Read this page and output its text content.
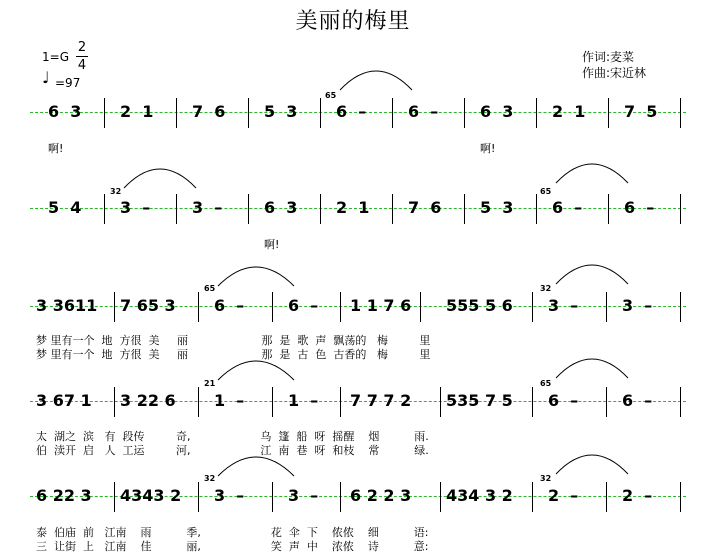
美丽的梅里
1=G
2
4
♩ =97
作词:麦菜
作曲:宋近林
6  3 2  1 7  6 5  3 6  –	6  –	6  3 2  1 7  5
65
啊!	啊!
5  4 3  –	3  –	6  3 2  1 7  6 5  3 6  –	6  –
32	65
啊!
3 3611 7 65 3 6  –	6  – 1 1 7 6 555 5 6 3  –	3  –
65	32
梦 里有一个  地  方很  美     丽                     那  是  歌  声  飘荡的   梅         里
梦 里有一个  地  方很  美     丽                     那  是  古  色  古香的   梅         里
3 67 1 3 22 6 1  –	1  – 7 7 7 2 535 7 5 6  –	6  –
21	65
太  湖之  滨   有  段传         奇,                    乌  篷  船  呀  摇醒    烟          雨.
伯  渎开  启   人  工运         河,                    江  南  巷  呀  和枝    常          绿.
6 22 3 4343 2 3  –	3  – 6 2 2 3 434 3 2 2  –	2  –
32	32
泰  伯庙  前   江南    雨          季,                    花  伞  下    侬侬    细          语:
三  让街  上   江南    佳          丽,                    笑  声  中    浓侬    诗          意:
